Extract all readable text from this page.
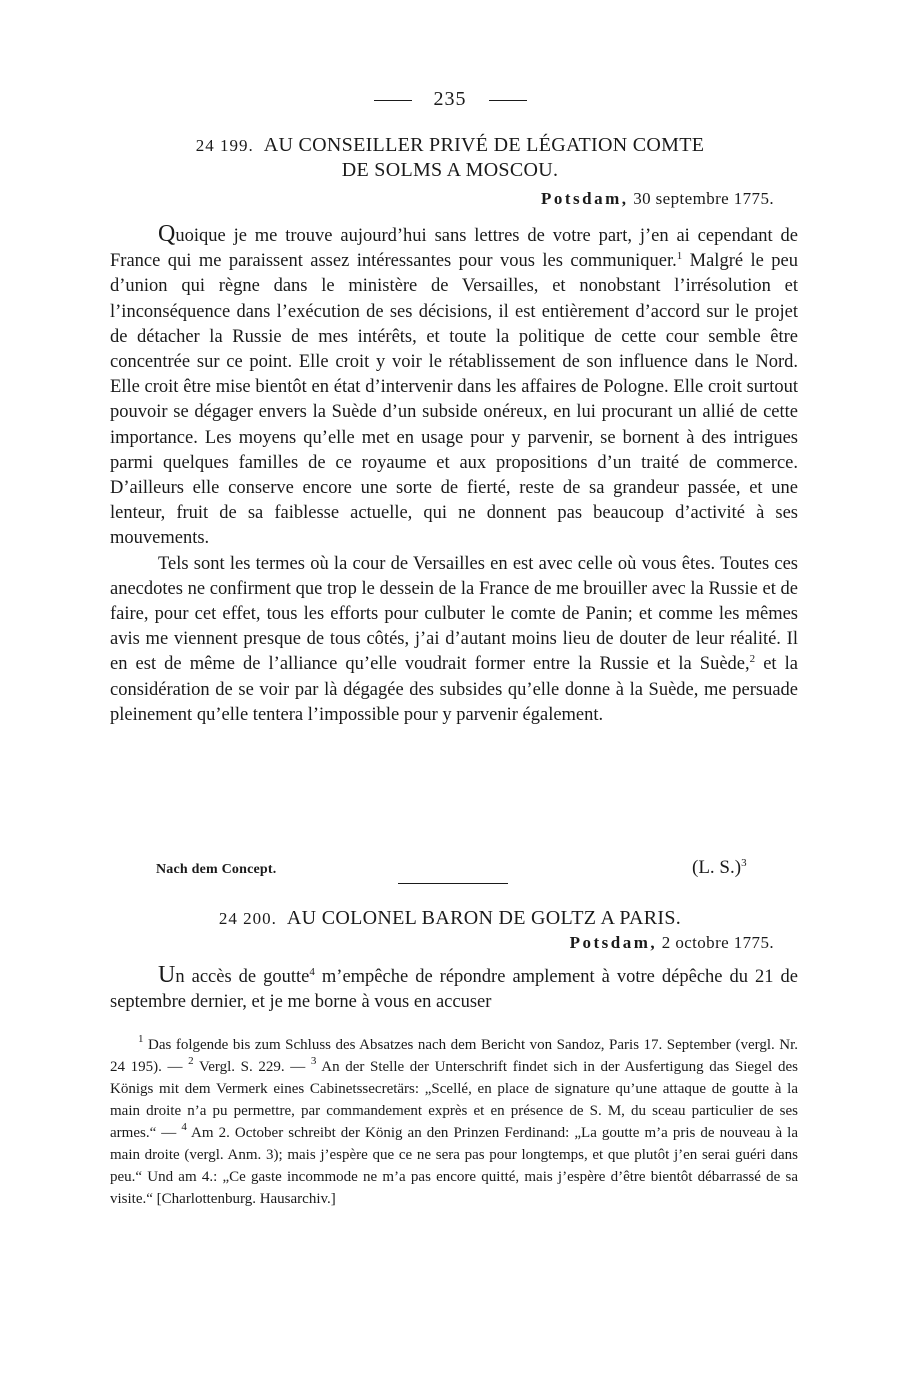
235
24 199. AU CONSEILLER PRIVÉ DE LÉGATION COMTE
DE SOLMS A MOSCOU.
Potsdam, 30 septembre 1775.

Quoique je me trouve aujourd’hui sans lettres de votre part, j’en ai cependant de France qui me paraissent assez intéressantes pour vous les communiquer.$^1$ Malgré le peu d’union qui règne dans le ministère de Versailles, et nonobstant l’irrésolution et l’inconséquence dans l’exécution de ses décisions, il est entièrement d’accord sur le projet de détacher la Russie de mes intérêts, et toute la politique de cette cour semble être concentrée sur ce point. Elle croit y voir le rétablissement de son influence dans le Nord. Elle croit être mise bientôt en état d’intervenir dans les affaires de Pologne. Elle croit surtout pouvoir se dégager envers la Suède d’un subside onéreux, en lui procurant un allié de cette importance. Les moyens qu’elle met en usage pour y parvenir, se bornent à des intrigues parmi quelques familles de ce royaume et aux propositions d’un traité de commerce. D’ailleurs elle conserve encore une sorte de fierté, reste de sa grandeur passée, et une lenteur, fruit de sa faiblesse actuelle, qui ne donnent pas beaucoup d’activité à ses mouvements.

Tels sont les termes où la cour de Versailles en est avec celle où vous êtes. Toutes ces anecdotes ne confirment que trop le dessein de la France de me brouiller avec la Russie et de faire, pour cet effet, tous les efforts pour culbuter le comte de Panin; et comme les mêmes avis me viennent presque de tous côtés, j’ai d’autant moins lieu de douter de leur réalité. Il en est de même de l’alliance qu’elle voudrait former entre la Russie et la Suède,$^2$ et la considération de se voir par là dégagée des subsides qu’elle donne à la Suède, me persuade pleinement qu’elle tentera l’impossible pour y parvenir également.

Nach dem Concept.	(L. S.)$^3$
24 200. AU COLONEL BARON DE GOLTZ A PARIS.
Potsdam, 2 octobre 1775.

Un accès de goutte$^4$ m’empêche de répondre amplement à votre dépêche du 21 de septembre dernier, et je me borne à vous en accuser

$^1$ Das folgende bis zum Schluss des Absatzes nach dem Bericht von Sandoz, Paris 17. September (vergl. Nr. 24 195). — $^2$ Vergl. S. 229. — $^3$ An der Stelle der Unterschrift findet sich in der Ausfertigung das Siegel des Königs mit dem Vermerk eines Cabinetssecretärs: „Scellé, en place de signature qu’une attaque de goutte à la main droite n’a pu permettre, par commandement exprès et en présence de S. M, du sceau particulier de ses armes.“ — $^4$ Am 2. October schreibt der König an den Prinzen Ferdinand: „La goutte m’a pris de nouveau à la main droite (vergl. Anm. 3); mais j’espère que ce ne sera pas pour longtemps, et que plutôt j’en serai guéri dans peu.“ Und am 4.: „Ce gaste incommode ne m’a pas encore quitté, mais j’espère d’être bientôt débarrassé de sa visite.“ [Charlottenburg. Hausarchiv.]
